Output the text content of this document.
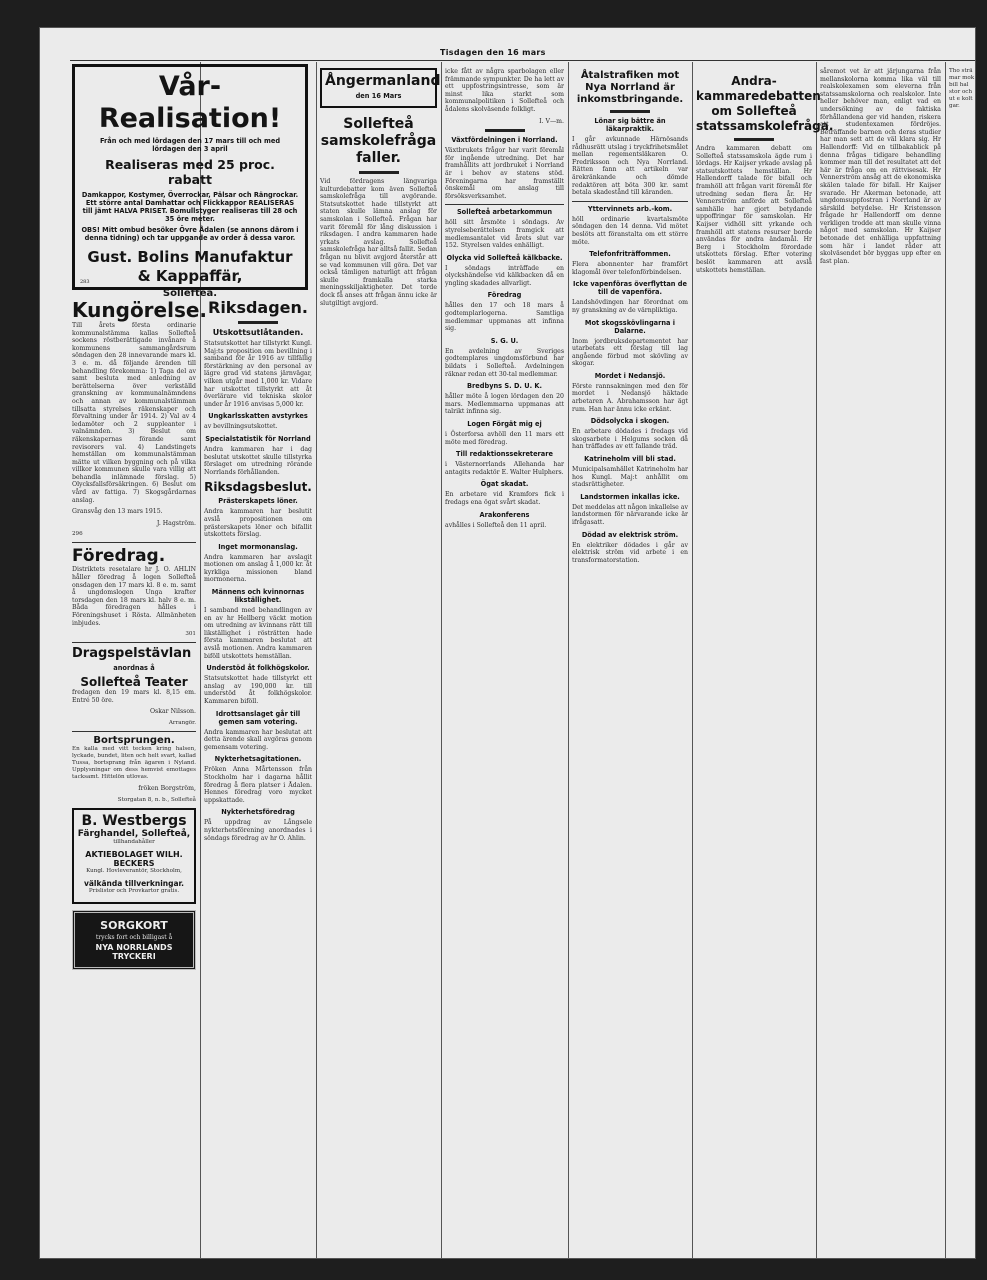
Tisdagen den 16 mars
Vår-Realisation!
Från och med lördagen den 17 mars till och med lördagen den 3 april
Realiseras med 25 proc. rabatt
Damkappor, Kostymer, Överrockar, Pälsar och Rängrockar. Ett större antal Damhattar och Flickkappor REALISERAS till jämt HALVA PRISET. Bomullstyger realiseras till 28 och 35 öre meter.
OBS! Mitt ombud besöker Övre Ådalen (se annons därom i denna tidning) och tar uppgande av order å dessa varor.
Gust. Bolins Manufaktur & Kappaffär,
Sollefteå.
283
Kungörelse.

Till årets första ordinarie kommunalstämma kallas Sollefteå sockens röstberättigade invånare å kommunens sammangårdsrum söndagen den 28 innevarande mars kl. 3 e. m. då följande ärenden till behandling förekomma: 1) Taga del av samt besluta med anledning av berättelserna över verkställd granskning av kommunalnämndens och annan av kommunalstämman tillsatta styrelses räkenskaper och förvaltning under år 1914. 2) Val av 4 ledamöter och 2 suppleanter i valnämnden. 3) Beslut om räkenskapernas förande samt revisorers val. 4) Landstingets hemställan om kommunalstämman mätte ut vilken byggning och på vilka villkor kommunen skulle vara villig att behandla inlämnade förslag. 5) Olycksfallsförsäkringen. 6) Beslut om vård av fattiga. 7) Skogsgårdarnas anslag.

Gransvåg den 13 mars 1915.

J. Hagström.

296
Föredrag.

Distriktets resetalare hr J. O. AHLIN håller föredrag å logen Sollefteå onsdagen den 17 mars kl. 8 e. m. samt å ungdomslogen Unga krafter torsdagen den 18 mars kl. halv 8 e. m. Båda föredragen hålles i Föreningshuset i Rösta. Allmänheten inbjudes.

301
Dragspelstävlan
anordnas å
Sollefteå Teater

fredagen den 19 mars kl. 8,15 em. Entré 50 öre.

Oskar Nilsson.

Arrangör.

Bortsprungen.

En kalla med vitt tecken kring halsen, lyckade, bundet, liten och helt svart, kallad Tussa, bortsprang från ägaren i Nyland. Upplysningar om dess hemvist emottages tacksamt. Hittelön utlovas.

fröken Borgström,

Storgatan 8, n. b., Sollefteå

B. Westbergs
Färghandel, Sollefteå,
tillhandahåller
AKTIEBOLAGET WILH. BECKERS
Kungl. Hovleverantör, Stockholm,
välkända tillverkningar.
Prislistor och Provkartor gratis.
SORGKORT
trycks fort och billigast å
NYA NORRLANDS TRYCKERI
Riksdagen.
Utskottsutlåtanden.

Statsutskottet har tillstyrkt Kungl. Maj:ts proposition om bevillning i samband för år 1916 av tillfällig förstärkning av den personal av lägre grad vid statens järnvägar, vilken utgår med 1,000 kr. Vidare har utskottet tillstyrkt att åt överlärare vid tekniska skolor under år 1916 anvisas 5,000 kr.

Ungkarlsskatten avstyrkes

av bevillningsutskottet.

Specialstatistik för Norrland

Andra kammaren har i dag beslutat utskottet skulle tillstyrka förslaget om utredning rörande Norrlands förhållanden.

Riksdagsbeslut.
Prästerskapets löner.

Andra kammaren har beslutit avslå propositionen om prästerskapets löner och bifallit utskottets förslag.

Inget mormonanslag.

Andra kammaren har avslagit motionen om anslag å 1,000 kr. åt kyrkliga missionen bland mormonerna.

Männens och kvinnornas likställighet.

I samband med behandlingen av en av hr Hellberg väckt motion om utredning av kvinnans rätt till likställighet i rösträtten hade första kammaren beslutat att avslå motionen. Andra kammaren biföll utskottets hemställan.

Understöd åt folkhögskolor.

Statsutskottet hade tillstyrkt ett anslag av 190,000 kr. till understöd åt folkhögskolor. Kammaren biföll.

Idrottsanslaget går till gemen sam votering.

Andra kammaren har beslutat att detta ärende skall avgöras genom gemensam votering.

Nykterhetsagitationen.

Fröken Anna Mårtensson från Stockholm har i dagarna hållit föredrag å flera platser i Ådalen. Hennes föredrag voro mycket uppskattade.

Nykterhetsföredrag

På uppdrag av Långsele nykterhetsförening anordnades i söndags föredrag av hr O. Ahlin.

Ångermanland
den 16 Mars
Sollefteå samskolefråga faller.

Vid fördragens längvariga kulturdebatter kom även Sollefteå samskolefråga till avgörande. Statsutskottet hade tillstyrkt att staten skulle lämna anslag för samskolan i Sollefteå. Frågan har varit föremål för lång diskussion i riksdagen. I andra kammaren hade yrkats avslag. Sollefteå samskolefråga har alltså fallit. Sedan frågan nu blivit avgjord återstår att se vad kommunen vill göra. Det var också tämligen naturligt att frågan skulle framkalla starka meningsskiljaktigheter. Det torde dock få anses att frågan ännu icke är slutgiltigt avgjord.

icke fått av några sparbolagen eller främmande sympunkter. De ha lett av ett uppfostringsintresse, som är minst lika starkt som kommunalpolitiken i Sollefteå och ådalens skolväsende folkligt.

I. V—m.

Växtfördelningen i Norrland.

Växtbrukets frågor har varit föremål för ingående utredning. Det har framhållits att jordbruket i Norrland är i behov av statens stöd. Föreningarna har framställt önskemål om anslag till försöksverksamhet.

Sollefteå arbetarkommun

höll sitt årsmöte i söndags. Av styrelseberättelsen framgick att medlemsantalet vid årets slut var 152. Styrelsen valdes enhälligt.

Olycka vid Sollefteå kälkbacke.

I söndags inträffade en olyckshändelse vid kälkbacken då en yngling skadades allvarligt.

Föredrag

hålles den 17 och 18 mars å godtemplarlogerna. Samtliga medlemmar uppmanas att infinna sig.

S. G. U.

En avdelning av Sveriges godtemplares ungdomsförbund har bildats i Sollefteå. Avdelningen räknar redan ett 30-tal medlemmar.

Bredbyns S. D. U. K.

håller möte å logen lördagen den 20 mars. Medlemmarna uppmanas att talrikt infinna sig.

Logen Förgät mig ej

i Österforsa avhöll den 11 mars ett möte med föredrag.

Till redaktionssekreterare

i Västernorrlands Allehanda har antagits redaktör E. Walter Hulphers.

Ögat skadat.

En arbetare vid Kramfors fick i fredags ena ögat svårt skadat.

Arakonferens

avhålles i Sollefteå den 11 april.

Åtalstrafiken mot Nya Norrland är inkomstbringande.
Lönar sig bättre än läkarpraktik.

I går avkunnade Härnösands rådhusrätt utslag i tryckfrihetsmålet mellan regementsläkaren O. Fredriksson och Nya Norrland. Rätten fann att artikeln var ärekränkande och dömde redaktören att böta 300 kr. samt betala skadestånd till käranden.

Yttervinnets arb.-kom.

höll ordinarie kvartalsmöte söndagen den 14 denna. Vid mötet beslöts att föranstalta om ett större möte.

Telefonfriträffommen.

Flera abonnenter har framfört klagomål över telefonförbindelsen.

Icke vapenföras överflyttan de till de vapenföra.

Landshövdingen har förordnat om ny granskning av de värnpliktiga.

Mot skogsskövlingarna i Dalarne.

Inom jordbruksdepartementet har utarbetats ett förslag till lag angående förbud mot skövling av skogar.

Mordet i Nedansjö.

Förste rannsakningen med den för mordet i Nedansjö häktade arbetaren A. Abrahamsson har ägt rum. Han har ännu icke erkänt.

Dödsolycka i skogen.

En arbetare dödades i fredags vid skogsarbete i Helgums socken då han träffades av ett fallande träd.

Katrineholm vill bli stad.

Municipalsamhället Katrineholm har hos Kungl. Maj:t anhållit om stadsrättigheter.

Landstormen inkallas icke.

Det meddelas att någon inkallelse av landstormen för närvarande icke är ifrågasatt.

Dödad av elektrisk ström.

En elektriker dödades i går av elektrisk ström vid arbete i en transformatorstation.

Andra-kammaredebatten om Sollefteå statssamskolefråga.

Andra kammaren debatt om Sollefteå statssamskola ägde rum i lördags. Hr Kaijser yrkade avslag på statsutskottets hemställan. Hr Hallendorff talade för bifall och framhöll att frågan varit föremål för utredning sedan flera år. Hr Vennerström anförde att Sollefteå samhälle har gjort betydande uppoffringar för samskolan. Hr Kaijser vidhöll sitt yrkande och framhöll att statens resurser borde användas för andra ändamål. Hr Berg i Stockholm förordade utskottets förslag. Efter votering beslöt kammaren att avslå utskottets hemställan.

såremot vet är att järjungarna från mellanskolorna komma lika väl till realskolexamen som eleverna från statssamskolorna och realskolor. Inte heller behöver man, enligt vad en undersökning av de faktiska förhållandena ger vid handen, riskera att studentexamen fördröjes. Beträffande barnen och deras studier har man sett att de väl klara sig. Hr Hallendorff: Vid en tillbakablick på denna frågas tidigare behandling kommer man till det resultatet att det här är fråga om en rättvisesak. Hr Vennerström ansåg att de ekonomiska skälen talade för bifall. Hr Kaijser svarade. Hr Akerman betonade, att ungdomsuppfostran i Norrland är av särskild betydelse. Hr Kristensson frågade hr Hallendorff om denne verkligen trodde att man skulle vinna något med samskolan. Hr Kaijser betonade det enhälliga uppfattning som här i landet råder att skolväsendet bör byggas upp efter en fast plan.

Tho strä mar mok bill hal stor och ut e kolt gar.
